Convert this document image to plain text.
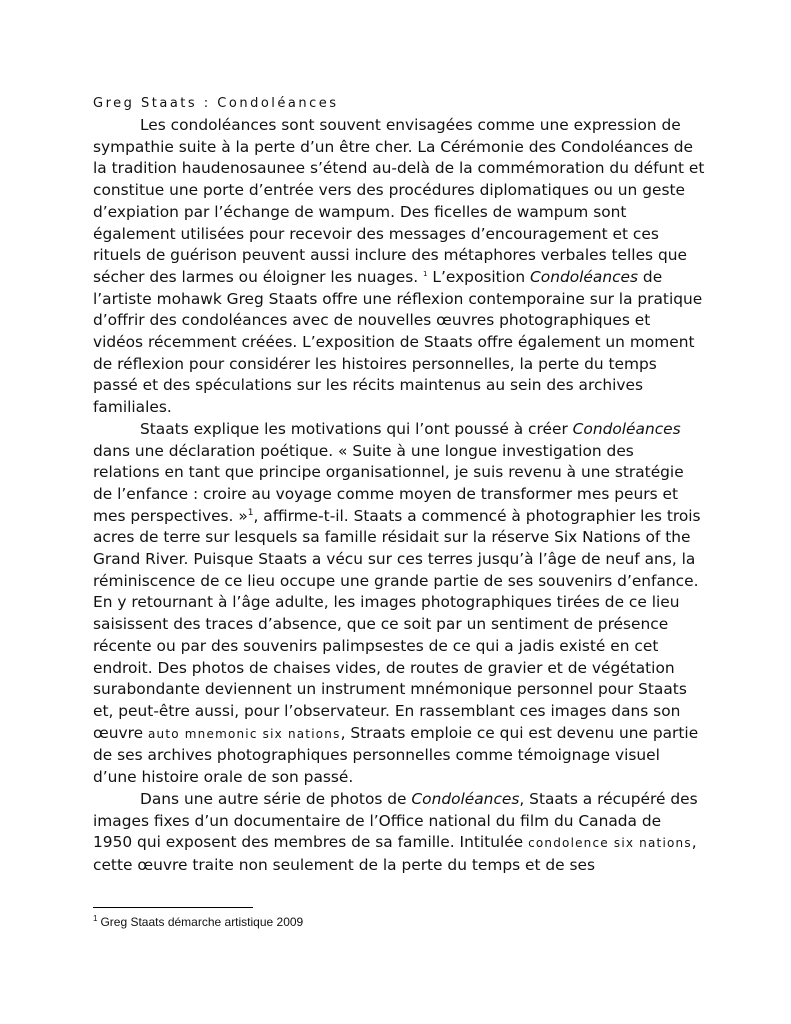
Greg Staats : Condoléances

Les condoléances sont souvent envisagées comme une expression de sympathie suite à la perte d’un être cher. La Cérémonie des Condoléances de la tradition haudenosaunee s’étend au-delà de la commémoration du défunt et constitue une porte d’entrée vers des procédures diplomatiques ou un geste d’expiation par l’échange de wampum. Des ficelles de wampum sont également utilisées pour recevoir des messages d’encouragement et ces rituels de guérison peuvent aussi inclure des métaphores verbales telles que sécher des larmes ou éloigner les nuages. $^1$ L’exposition Condoléances de l’artiste mohawk Greg Staats offre une réflexion contemporaine sur la pratique d’offrir des condoléances avec de nouvelles œuvres photographiques et vidéos récemment créées. L’exposition de Staats offre également un moment de réflexion pour considérer les histoires personnelles, la perte du temps passé et des spéculations sur les récits maintenus au sein des archives familiales.

Staats explique les motivations qui l’ont poussé à créer Condoléances dans une déclaration poétique. « Suite à une longue investigation des relations en tant que principe organisationnel, je suis revenu à une stratégie de l’enfance : croire au voyage comme moyen de transformer mes peurs et mes perspectives. »$^1$, affirme-t-il. Staats a commencé à photographier les trois acres de terre sur lesquels sa famille résidait sur la réserve Six Nations of the Grand River. Puisque Staats a vécu sur ces terres jusqu’à l’âge de neuf ans, la réminiscence de ce lieu occupe une grande partie de ses souvenirs d’enfance. En y retournant à l’âge adulte, les images photographiques tirées de ce lieu saisissent des traces d’absence, que ce soit par un sentiment de présence récente ou par des souvenirs palimpsestes de ce qui a jadis existé en cet endroit. Des photos de chaises vides, de routes de gravier et de végétation surabondante deviennent un instrument mnémonique personnel pour Staats et, peut-être aussi, pour l’observateur. En rassemblant ces images dans son œuvre auto mnemonic six nations, Straats emploie ce qui est devenu une partie de ses archives photographiques personnelles comme témoignage visuel d’une histoire orale de son passé.

Dans une autre série de photos de Condoléances, Staats a récupéré des images fixes d’un documentaire de l’Office national du film du Canada de 1950 qui exposent des membres de sa famille. Intitulée condolence six nations, cette œuvre traite non seulement de la perte du temps et de ses

$^1$ Greg Staats démarche artistique 2009
